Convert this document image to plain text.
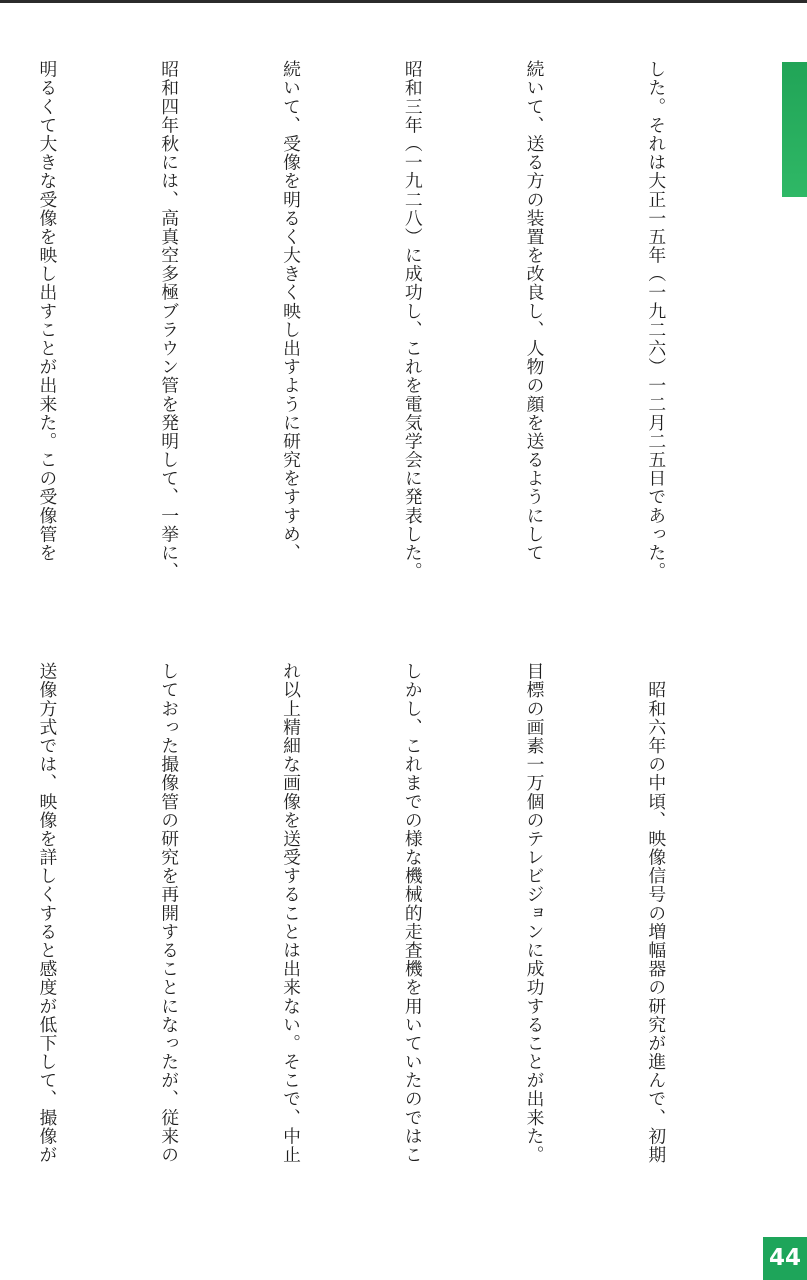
した。それは大正一五年（一九二六）一二月二五日であった。

続いて、送る方の装置を改良し、人物の顔を送るようにして

昭和三年（一九二八）に成功し、これを電気学会に発表した。

続いて、受像を明るく大きく映し出すように研究をすすめ、

昭和四年秋には、高真空多極ブラウン管を発明して、一挙に、

明るくて大きな受像を映し出すことが出来た。この受像管を

　昭和六年の中頃、映像信号の増幅器の研究が進んで、初期

目標の画素一万個のテレビジョンに成功することが出来た。

しかし、これまでの様な機械的走査機を用いていたのではこ

れ以上精細な画像を送受することは出来ない。そこで、中止

しておった撮像管の研究を再開することになったが、従来の

送像方式では、映像を詳しくすると感度が低下して、撮像が

44
